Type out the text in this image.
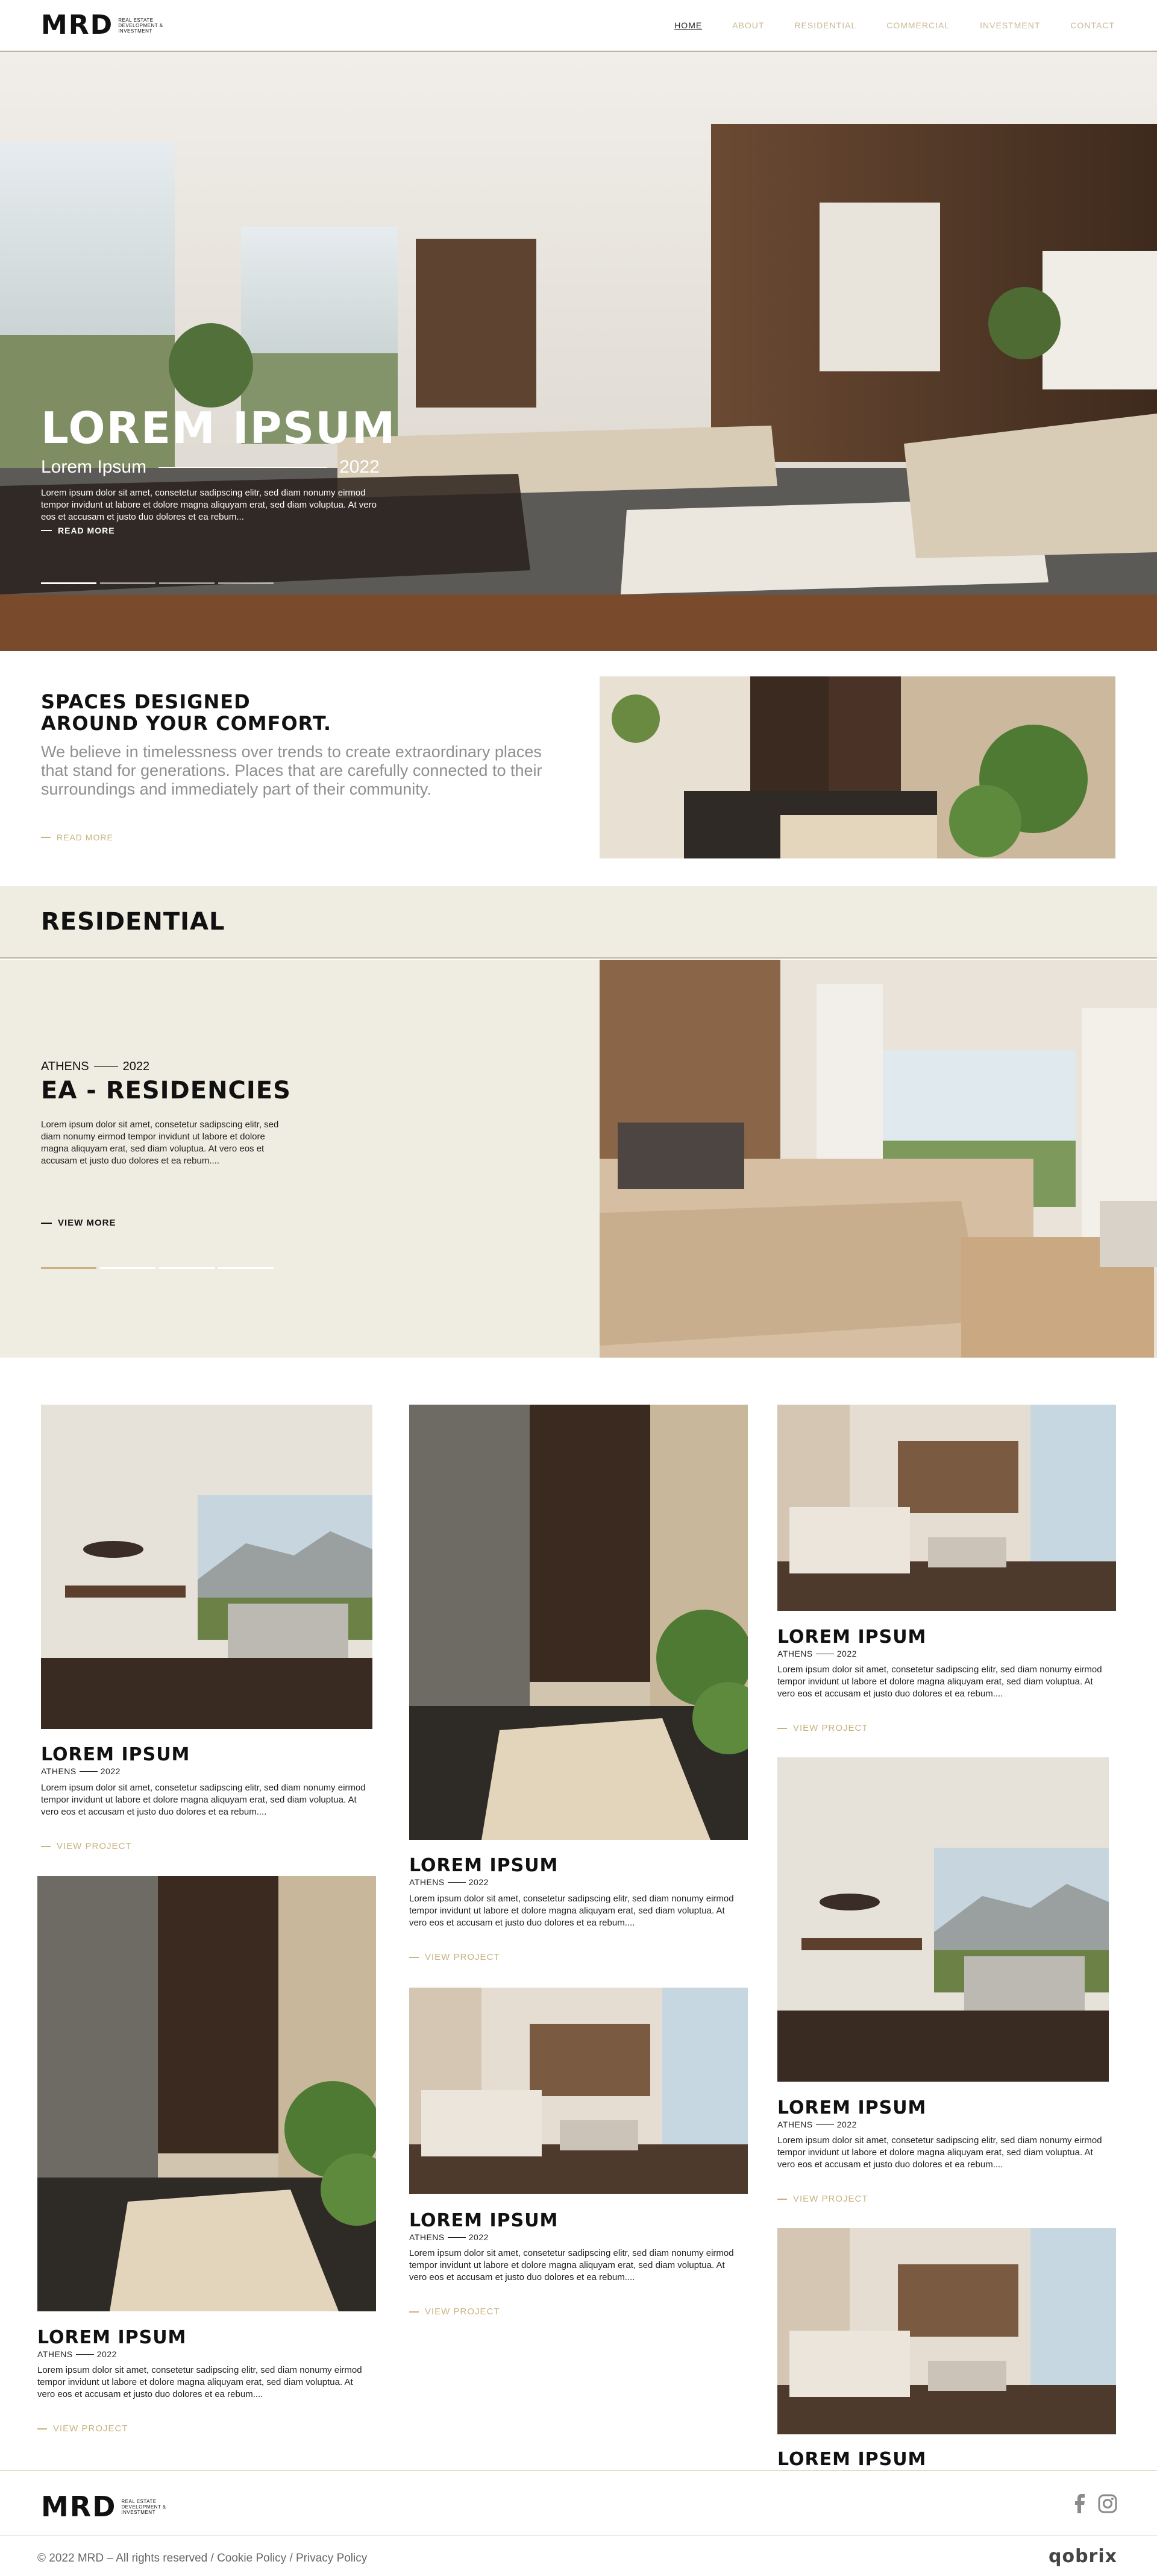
MRD REAL ESTATE
DEVELOPMENT &
INVESTMENT
HOME	ABOUT	RESIDENTIAL	COMMERCIAL	INVESTMENT	CONTACT
LOREM IPSUM
Lorem Ipsum	2022
Lorem ipsum dolor sit amet, consetetur sadipscing elitr, sed diam nonumy eirmod tempor invidunt ut labore et dolore magna aliquyam erat, sed diam voluptua. At vero eos et accusam et justo duo dolores et ea rebum...
READ MORE
SPACES DESIGNED
AROUND YOUR COMFORT.
We believe in timelessness over trends to create extraordinary places that stand for generations. Places that are carefully connected to their surroundings and immediately part of their community.
READ MORE
RESIDENTIAL
ATHENS	2022
EA - RESIDENCIES
Lorem ipsum dolor sit amet, consetetur sadipscing elitr, sed diam nonumy eirmod tempor invidunt ut labore et dolore magna aliquyam erat, sed diam voluptua. At vero eos et accusam et justo duo dolores et ea rebum....
VIEW MORE
LOREM IPSUM
ATHENS	2022
Lorem ipsum dolor sit amet, consetetur sadipscing elitr, sed diam nonumy eirmod tempor invidunt ut labore et dolore magna aliquyam erat, sed diam voluptua. At vero eos et accusam et justo duo dolores et ea rebum....
VIEW PROJECT
LOREM IPSUM
ATHENS	2022
Lorem ipsum dolor sit amet, consetetur sadipscing elitr, sed diam nonumy eirmod tempor invidunt ut labore et dolore magna aliquyam erat, sed diam voluptua. At vero eos et accusam et justo duo dolores et ea rebum....
VIEW PROJECT
LOREM IPSUM
ATHENS	2022
Lorem ipsum dolor sit amet, consetetur sadipscing elitr, sed diam nonumy eirmod tempor invidunt ut labore et dolore magna aliquyam erat, sed diam voluptua. At vero eos et accusam et justo duo dolores et ea rebum....
VIEW PROJECT
LOREM IPSUM
ATHENS	2022
Lorem ipsum dolor sit amet, consetetur sadipscing elitr, sed diam nonumy eirmod tempor invidunt ut labore et dolore magna aliquyam erat, sed diam voluptua. At vero eos et accusam et justo duo dolores et ea rebum....
VIEW PROJECT
LOREM IPSUM
ATHENS	2022
Lorem ipsum dolor sit amet, consetetur sadipscing elitr, sed diam nonumy eirmod tempor invidunt ut labore et dolore magna aliquyam erat, sed diam voluptua. At vero eos et accusam et justo duo dolores et ea rebum....
VIEW PROJECT
LOREM IPSUM
ATHENS	2022
Lorem ipsum dolor sit amet, consetetur sadipscing elitr, sed diam nonumy eirmod tempor invidunt ut labore et dolore magna aliquyam erat, sed diam voluptua. At vero eos et accusam et justo duo dolores et ea rebum....
VIEW PROJECT
LOREM IPSUM
MRD REAL ESTATE
DEVELOPMENT &
INVESTMENT
© 2022 MRD – All rights reserved / Cookie Policy / Privacy Policy	qobrix
